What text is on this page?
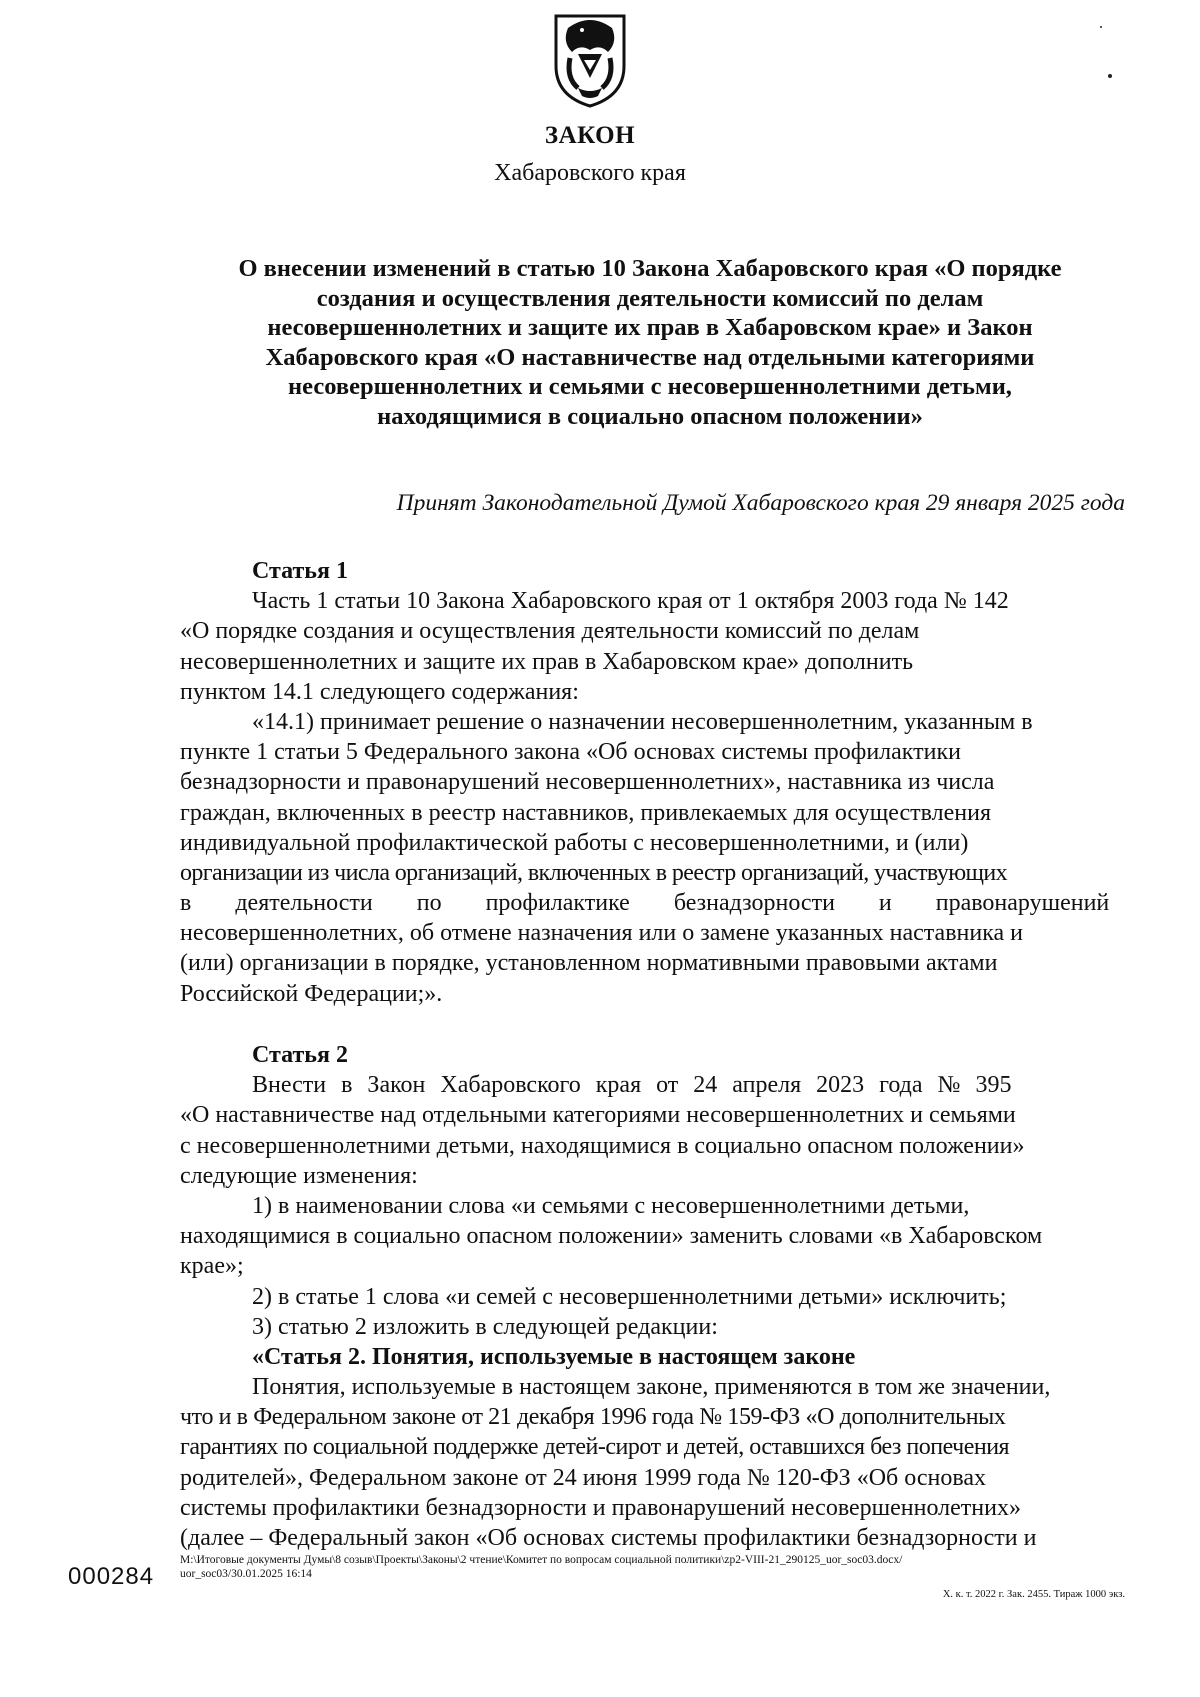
ЗАКОН
Хабаровского края
О внесении изменений в статью 10 Закона Хабаровского края «О порядке
создания и осуществления деятельности комиссий по делам
несовершеннолетних и защите их прав в Хабаровском крае» и Закон
Хабаровского края «О наставничестве над отдельными категориями
несовершеннолетних и семьями с несовершеннолетними детьми,
находящимися в социально опасном положении»
Принят Законодательной Думой Хабаровского края 29 января 2025 года
Статья 1
Часть 1 статьи 10 Закона Хабаровского края от 1 октября 2003 года № 142
«О порядке создания и осуществления деятельности комиссий по делам
несовершеннолетних и защите их прав в Хабаровском крае» дополнить
пунктом 14.1 следующего содержания:
«14.1) принимает решение о назначении несовершеннолетним, указанным в
пункте 1 статьи 5 Федерального закона «Об основах системы профилактики
безнадзорности и правонарушений несовершеннолетних», наставника из числа
граждан, включенных в реестр наставников, привлекаемых для осуществления
индивидуальной профилактической работы с несовершеннолетними, и (или)
организации из числа организаций, включенных в реестр организаций, участвующих
в деятельности по профилактике безнадзорности и правонарушений
несовершеннолетних, об отмене назначения или о замене указанных наставника и
(или) организации в порядке, установленном нормативными правовыми актами
Российской Федерации;».
Статья 2
Внести в Закон Хабаровского края от 24 апреля 2023 года № 395
«О наставничестве над отдельными категориями несовершеннолетних и семьями
с несовершеннолетними детьми, находящимися в социально опасном положении»
следующие изменения:
1) в наименовании слова «и семьями с несовершеннолетними детьми,
находящимися в социально опасном положении» заменить словами «в Хабаровском
крае»;
2) в статье 1 слова «и семей с несовершеннолетними детьми» исключить;
3) статью 2 изложить в следующей редакции:
«Статья 2. Понятия, используемые в настоящем законе
Понятия, используемые в настоящем законе, применяются в том же значении,
что и в Федеральном законе от 21 декабря 1996 года № 159-ФЗ «О дополнительных
гарантиях по социальной поддержке детей-сирот и детей, оставшихся без попечения
родителей», Федеральном законе от 24 июня 1999 года № 120-ФЗ «Об основах
системы профилактики безнадзорности и правонарушений несовершеннолетних»
(далее – Федеральный закон «Об основах системы профилактики безнадзорности и
000284
M:\Итоговые документы Думы\8 созыв\Проекты\Законы\2 чтение\Комитет по вопросам социальной политики\zp2-VIII-21_290125_uor_soc03.docx/
uor_soc03/30.01.2025 16:14
Х. к. т. 2022 г. Зак. 2455. Тираж 1000 экз.
